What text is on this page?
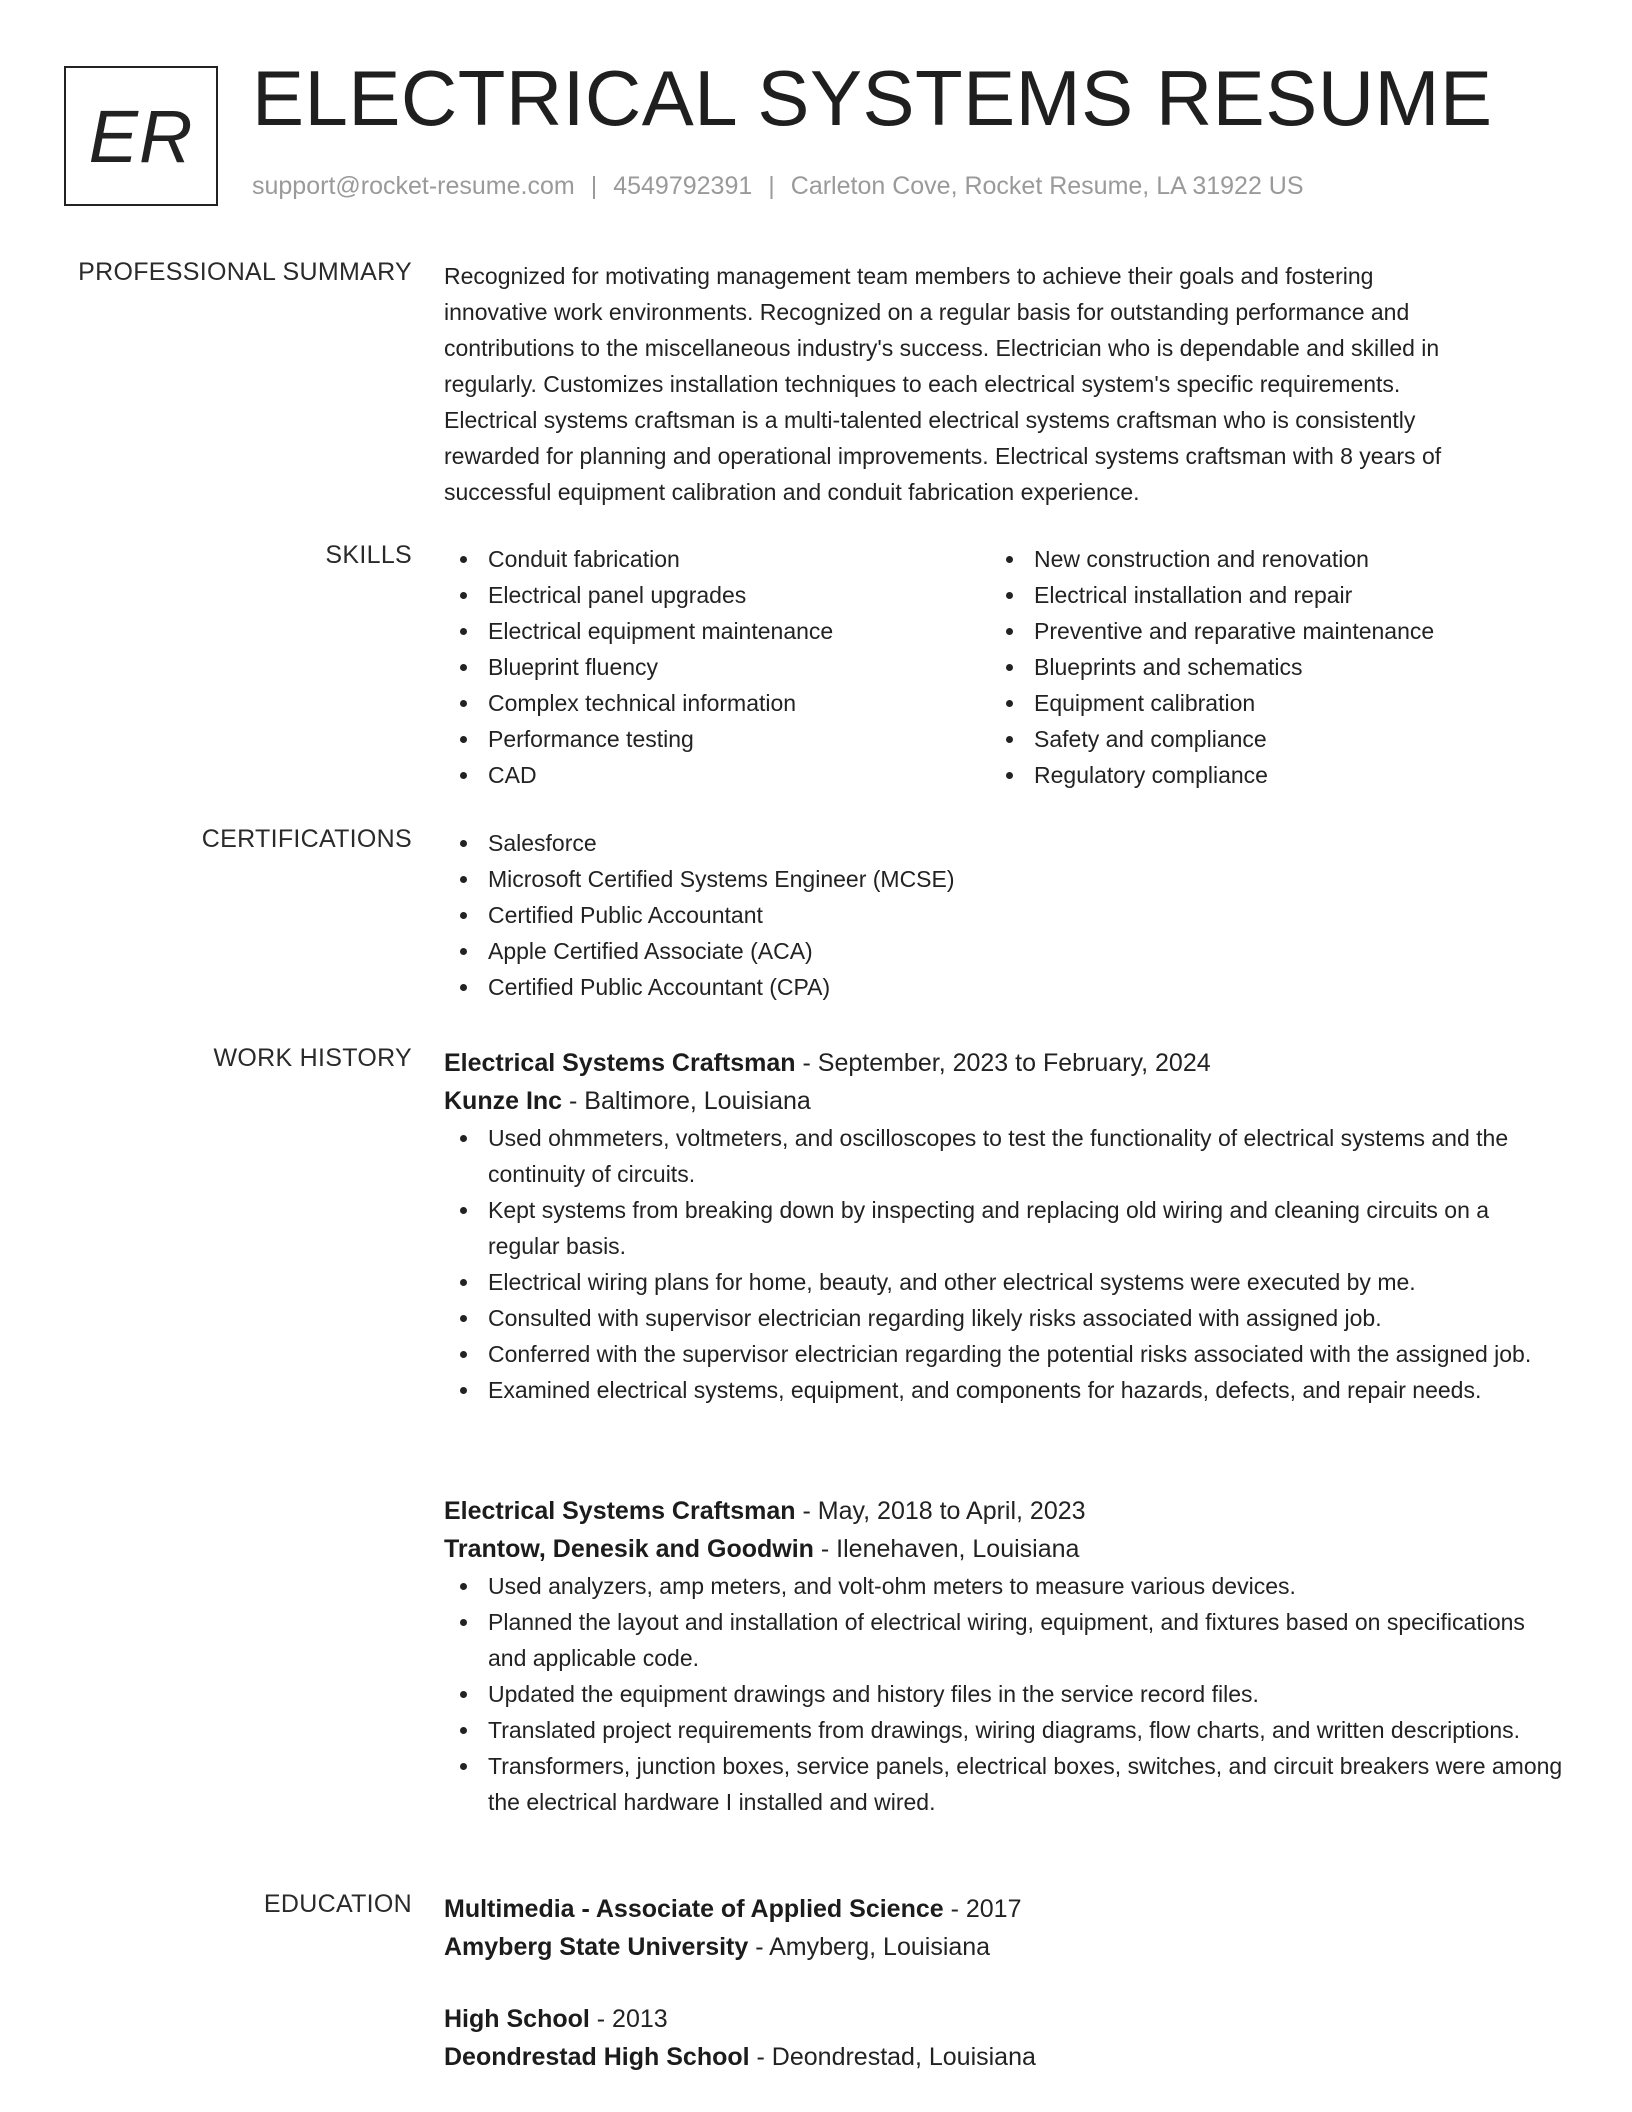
ER ELECTRICAL SYSTEMS RESUME
support@rocket-resume.com | 4549792391 | Carleton Cove, Rocket Resume, LA 31922 US
PROFESSIONAL SUMMARY Recognized for motivating management team members to achieve their goals and fostering
innovative work environments. Recognized on a regular basis for outstanding performance and
contributions to the miscellaneous industry's success. Electrician who is dependable and skilled in
regularly. Customizes installation techniques to each electrical system's specific requirements.
Electrical systems craftsman is a multi-talented electrical systems craftsman who is consistently
rewarded for planning and operational improvements. Electrical systems craftsman with 8 years of
successful equipment calibration and conduit fabrication experience.
SKILLS	Conduit fabrication
Electrical panel upgrades
Electrical equipment maintenance
Blueprint fluency
Complex technical information
Performance testing
CAD
New construction and renovation
Electrical installation and repair
Preventive and reparative maintenance
Blueprints and schematics
Equipment calibration
Safety and compliance
Regulatory compliance
CERTIFICATIONS	Salesforce
Microsoft Certified Systems Engineer (MCSE)
Certified Public Accountant
Apple Certified Associate (ACA)
Certified Public Accountant (CPA)
WORK HISTORY Electrical Systems Craftsman - September, 2023 to February, 2024
Kunze Inc - Baltimore, Louisiana
Used ohmmeters, voltmeters, and oscilloscopes to test the functionality of electrical systems and the continuity of circuits.
Kept systems from breaking down by inspecting and replacing old wiring and cleaning circuits on a regular basis.
Electrical wiring plans for home, beauty, and other electrical systems were executed by me.
Consulted with supervisor electrician regarding likely risks associated with assigned job.
Conferred with the supervisor electrician regarding the potential risks associated with the assigned job.
Examined electrical systems, equipment, and components for hazards, defects, and repair needs.
Electrical Systems Craftsman - May, 2018 to April, 2023
Trantow, Denesik and Goodwin - Ilenehaven, Louisiana
Used analyzers, amp meters, and volt-ohm meters to measure various devices.
Planned the layout and installation of electrical wiring, equipment, and fixtures based on specifications and applicable code.
Updated the equipment drawings and history files in the service record files.
Translated project requirements from drawings, wiring diagrams, flow charts, and written descriptions.
Transformers, junction boxes, service panels, electrical boxes, switches, and circuit breakers were among the electrical hardware I installed and wired.
EDUCATION Multimedia - Associate of Applied Science - 2017
Amyberg State University - Amyberg, Louisiana
High School - 2013
Deondrestad High School - Deondrestad, Louisiana
